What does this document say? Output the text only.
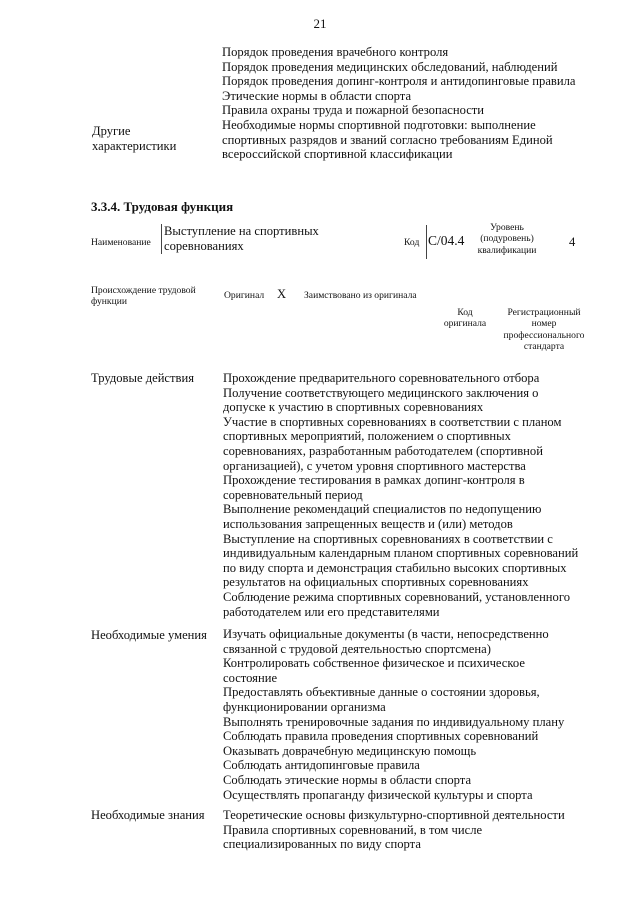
21
Порядок проведения врачебного контроля
Порядок проведения медицинских обследований, наблюдений
Порядок проведения допинг-контроля и антидопинговые правила
Этические нормы в области спорта
Правила охраны труда и пожарной безопасности
Необходимые нормы спортивной подготовки: выполнение
спортивных разрядов и званий согласно требованиям Единой
всероссийской спортивной классификации
Другие
характеристики
3.3.4. Трудовая функция
Наименование
Выступление на спортивных
соревнованиях	Код C/04.4
Уровень
(подуровень)
квалификации
4
Происхождение трудовой
функции
Оригинал X Заимствовано из оригинала
Код
оригинала
Регистрационный
номер
профессионального
стандарта
Трудовые действия Прохождение предварительного соревновательного отбора
Получение соответствующего медицинского заключения о
допуске к участию в спортивных соревнованиях
Участие в спортивных соревнованиях в соответствии с планом
спортивных мероприятий, положением о спортивных
соревнованиях, разработанным работодателем (спортивной
организацией), с учетом уровня спортивного мастерства
Прохождение тестирования в рамках допинг-контроля в
соревновательный период
Выполнение рекомендаций специалистов по недопущению
использования запрещенных веществ и (или) методов
Выступление на спортивных соревнованиях в соответствии с
индивидуальным календарным планом спортивных соревнований
по виду спорта и демонстрация стабильно высоких спортивных
результатов на официальных спортивных соревнованиях
Соблюдение режима спортивных соревнований, установленного
работодателем или его представителями
Необходимые умения Изучать официальные документы (в части, непосредственно
связанной с трудовой деятельностью спортсмена)
Контролировать собственное физическое и психическое
состояние
Предоставлять объективные данные о состоянии здоровья,
функционировании организма
Выполнять тренировочные задания по индивидуальному плану
Соблюдать правила проведения спортивных соревнований
Оказывать доврачебную медицинскую помощь
Соблюдать антидопинговые правила
Соблюдать этические нормы в области спорта
Осуществлять пропаганду физической культуры и спорта
Необходимые знания Теоретические основы физкультурно-спортивной деятельности
Правила спортивных соревнований, в том числе
специализированных по виду спорта
